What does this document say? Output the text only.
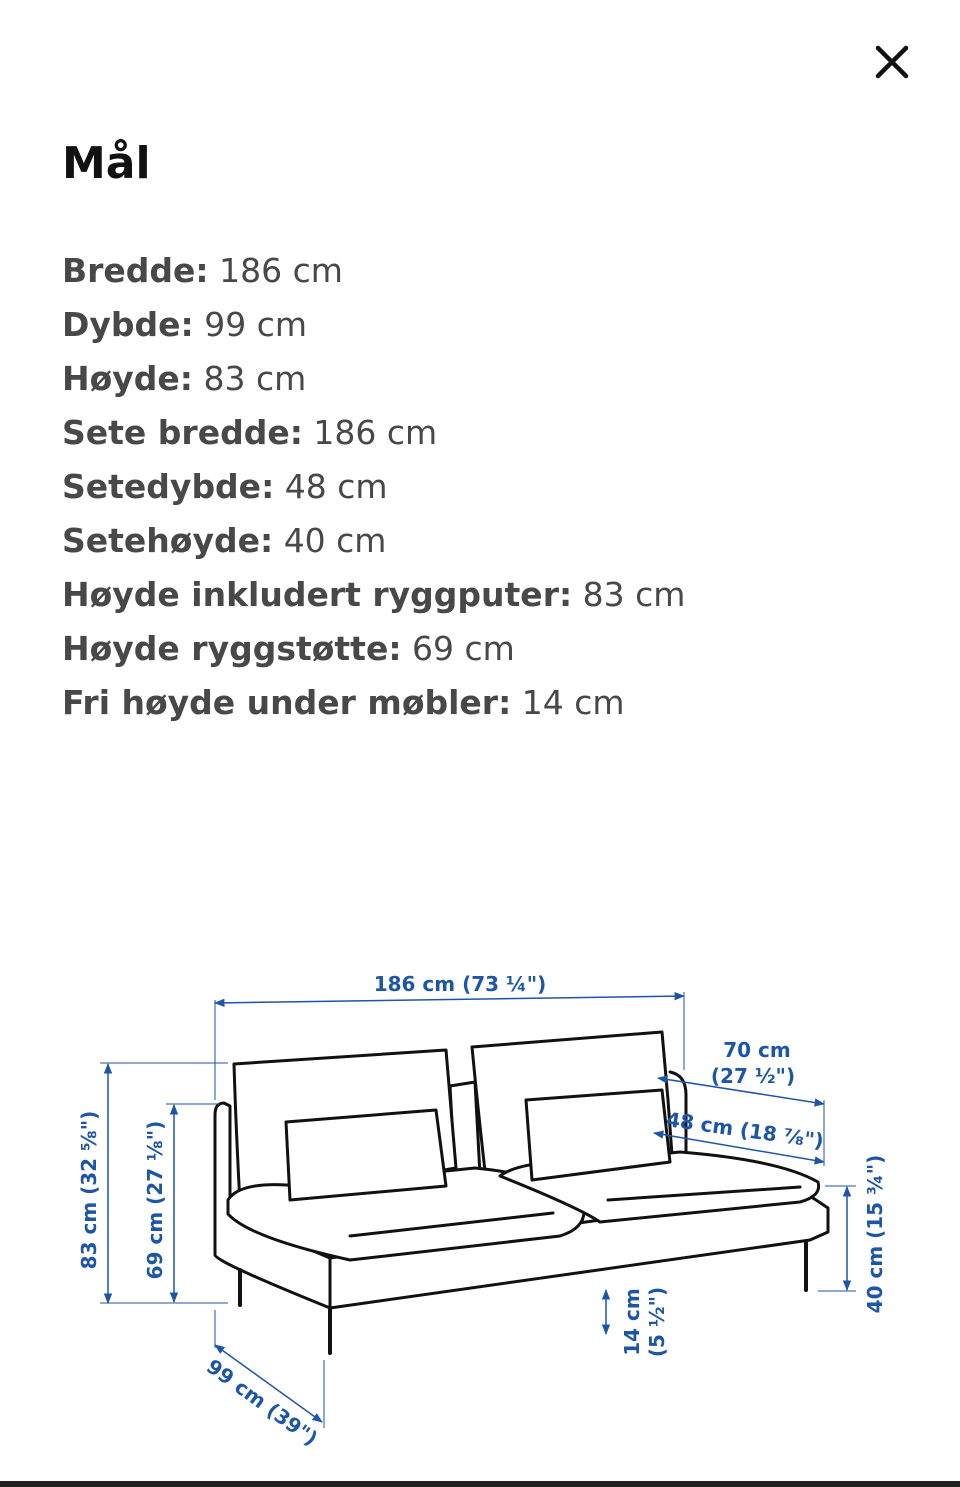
Mål
Bredde: 186 cm
Dybde: 99 cm
Høyde: 83 cm
Sete bredde: 186 cm
Setedybde: 48 cm
Setehøyde: 40 cm
Høyde inkludert ryggputer: 83 cm
Høyde ryggstøtte: 69 cm
Fri høyde under møbler: 14 cm
186 cm (73 ¼")
70 cm
(27 ½")
48 cm (18 ⅞")
83 cm (32 ⅝") 69 cm (27 ⅛")	40 cm (15 ¾")
14 cm (5 ½")
99 cm (39")
